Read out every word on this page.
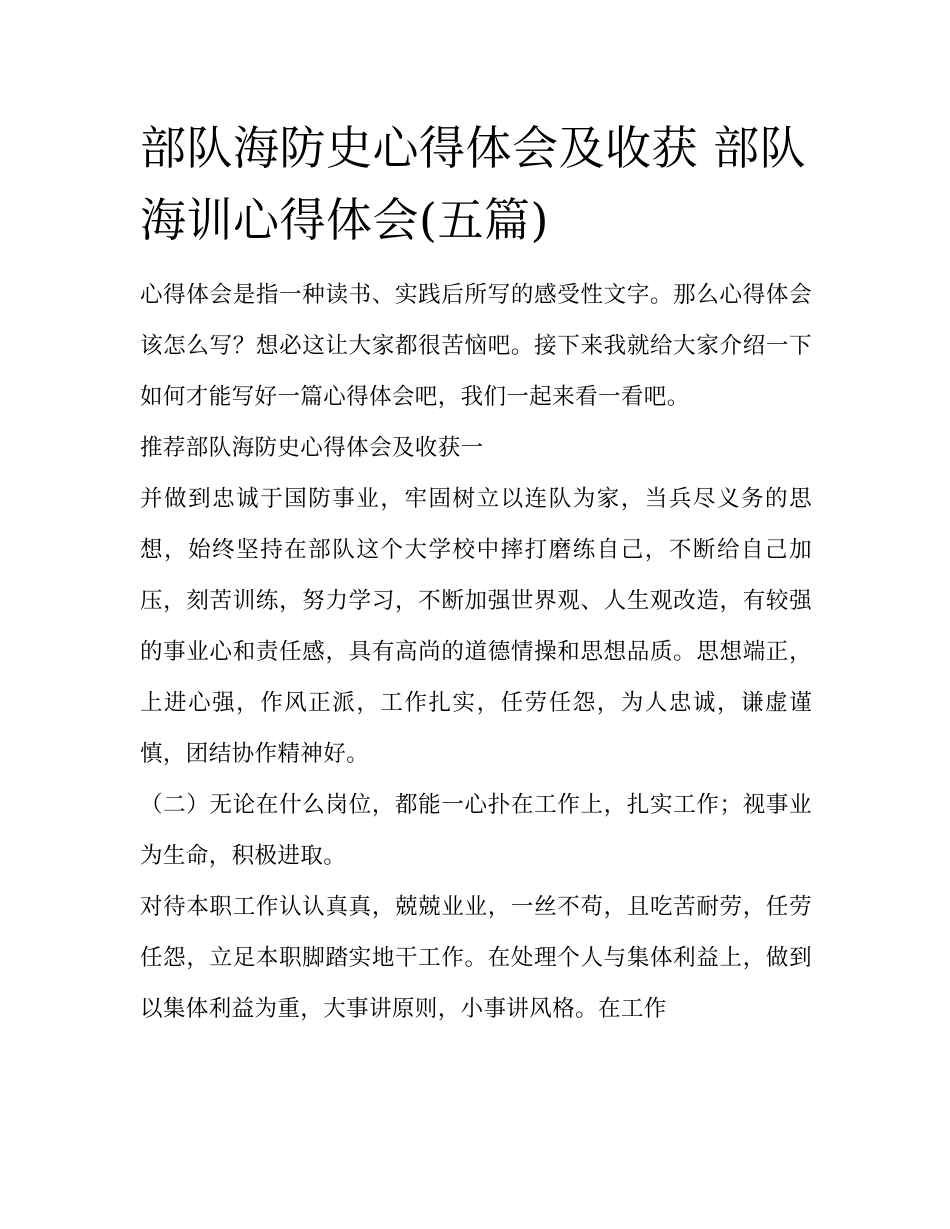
部队海防史心得体会及收获 部队海训心得体会(五篇)

心得体会是指一种读书、实践后所写的感受性文字。那么心得体会该怎么写？想必这让大家都很苦恼吧。接下来我就给大家介绍一下如何才能写好一篇心得体会吧，我们一起来看一看吧。

推荐部队海防史心得体会及收获一

并做到忠诚于国防事业，牢固树立以连队为家，当兵尽义务的思想，始终坚持在部队这个大学校中摔打磨练自己，不断给自己加压，刻苦训练，努力学习，不断加强世界观、人生观改造，有较强的事业心和责任感，具有高尚的道德情操和思想品质。思想端正，上进心强，作风正派，工作扎实，任劳任怨，为人忠诚，谦虚谨慎，团结协作精神好。

（二）无论在什么岗位，都能一心扑在工作上，扎实工作；视事业为生命，积极进取。

对待本职工作认认真真，兢兢业业，一丝不苟，且吃苦耐劳，任劳任怨，立足本职脚踏实地干工作。在处理个人与集体利益上，做到以集体利益为重，大事讲原则，小事讲风格。在工作
